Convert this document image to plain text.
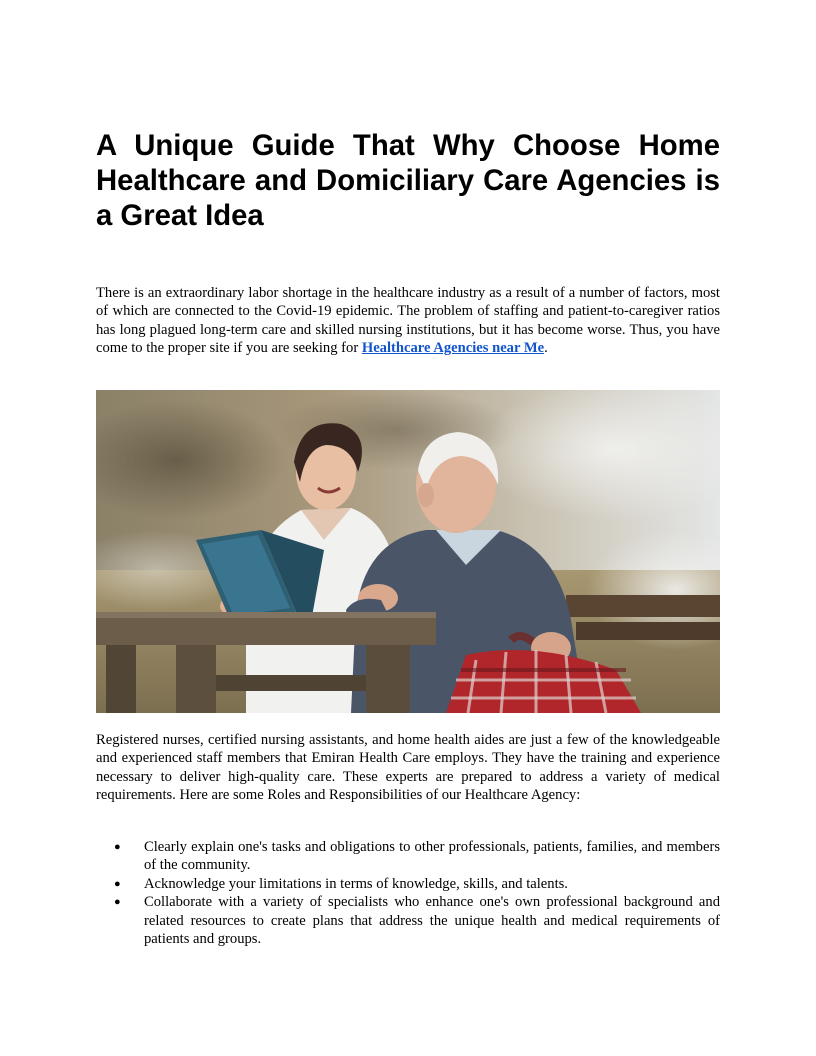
A Unique Guide That Why Choose Home Healthcare and Domiciliary Care Agencies is a Great Idea

There is an extraordinary labor shortage in the healthcare industry as a result of a number of factors, most of which are connected to the Covid-19 epidemic. The problem of staffing and patient-to-caregiver ratios has long plagued long-term care and skilled nursing institutions, but it has become worse. Thus, you have come to the proper site if you are seeking for Healthcare Agencies near Me.

Registered nurses, certified nursing assistants, and home health aides are just a few of the knowledgeable and experienced staff members that Emiran Health Care employs. They have the training and experience necessary to deliver high-quality care. These experts are prepared to address a variety of medical requirements. Here are some Roles and Responsibilities of our Healthcare Agency:

● Clearly explain one's tasks and obligations to other professionals, patients, families, and members of the community.
● Acknowledge your limitations in terms of knowledge, skills, and talents.
● Collaborate with a variety of specialists who enhance one's own professional background and related resources to create plans that address the unique health and medical requirements of patients and groups.
